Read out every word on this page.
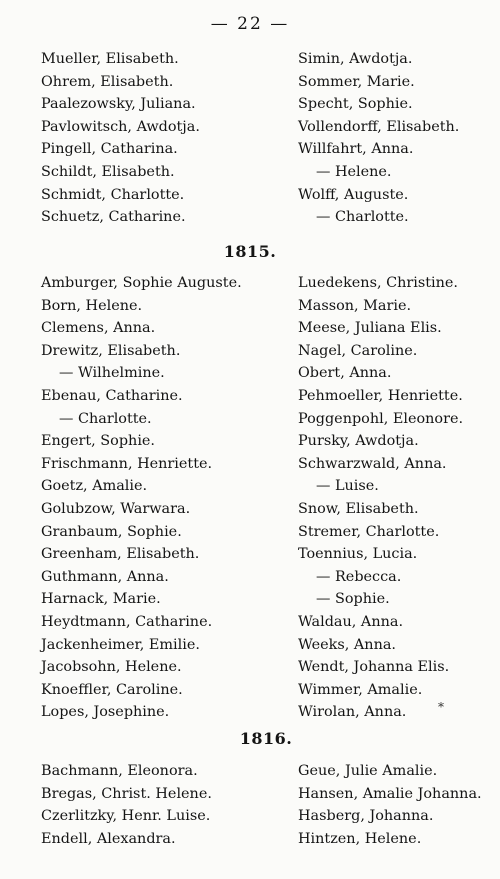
— 22 —
Mueller, Elisabeth.
Ohrem, Elisabeth.
Paalezowsky, Juliana.
Pavlowitsch, Awdotja.
Pingell, Catharina.
Schildt, Elisabeth.
Schmidt, Charlotte.
Schuetz, Catharine.
Simin, Awdotja.
Sommer, Marie.
Specht, Sophie.
Vollendorff, Elisabeth.
Willfahrt, Anna.
— Helene.
Wolff, Auguste.
— Charlotte.
1815.
Amburger, Sophie Auguste.
Born, Helene.
Clemens, Anna.
Drewitz, Elisabeth.
— Wilhelmine.
Ebenau, Catharine.
— Charlotte.
Engert, Sophie.
Frischmann, Henriette.
Goetz, Amalie.
Golubzow, Warwara.
Granbaum, Sophie.
Greenham, Elisabeth.
Guthmann, Anna.
Harnack, Marie.
Heydtmann, Catharine.
Jackenheimer, Emilie.
Jacobsohn, Helene.
Knoeffler, Caroline.
Lopes, Josephine.
Luedekens, Christine.
Masson, Marie.
Meese, Juliana Elis.
Nagel, Caroline.
Obert, Anna.
Pehmoeller, Henriette.
Poggenpohl, Eleonore.
Pursky, Awdotja.
Schwarzwald, Anna.
— Luise.
Snow, Elisabeth.
Stremer, Charlotte.
Toennius, Lucia.
— Rebecca.
— Sophie.
Waldau, Anna.
Weeks, Anna.
Wendt, Johanna Elis.
Wimmer, Amalie.
Wirolan, Anna.
1816.
Bachmann, Eleonora.
Bregas, Christ. Helene.
Czerlitzky, Henr. Luise.
Endell, Alexandra.
Geue, Julie Amalie.
Hansen, Amalie Johanna.
Hasberg, Johanna.
Hintzen, Helene.
*
